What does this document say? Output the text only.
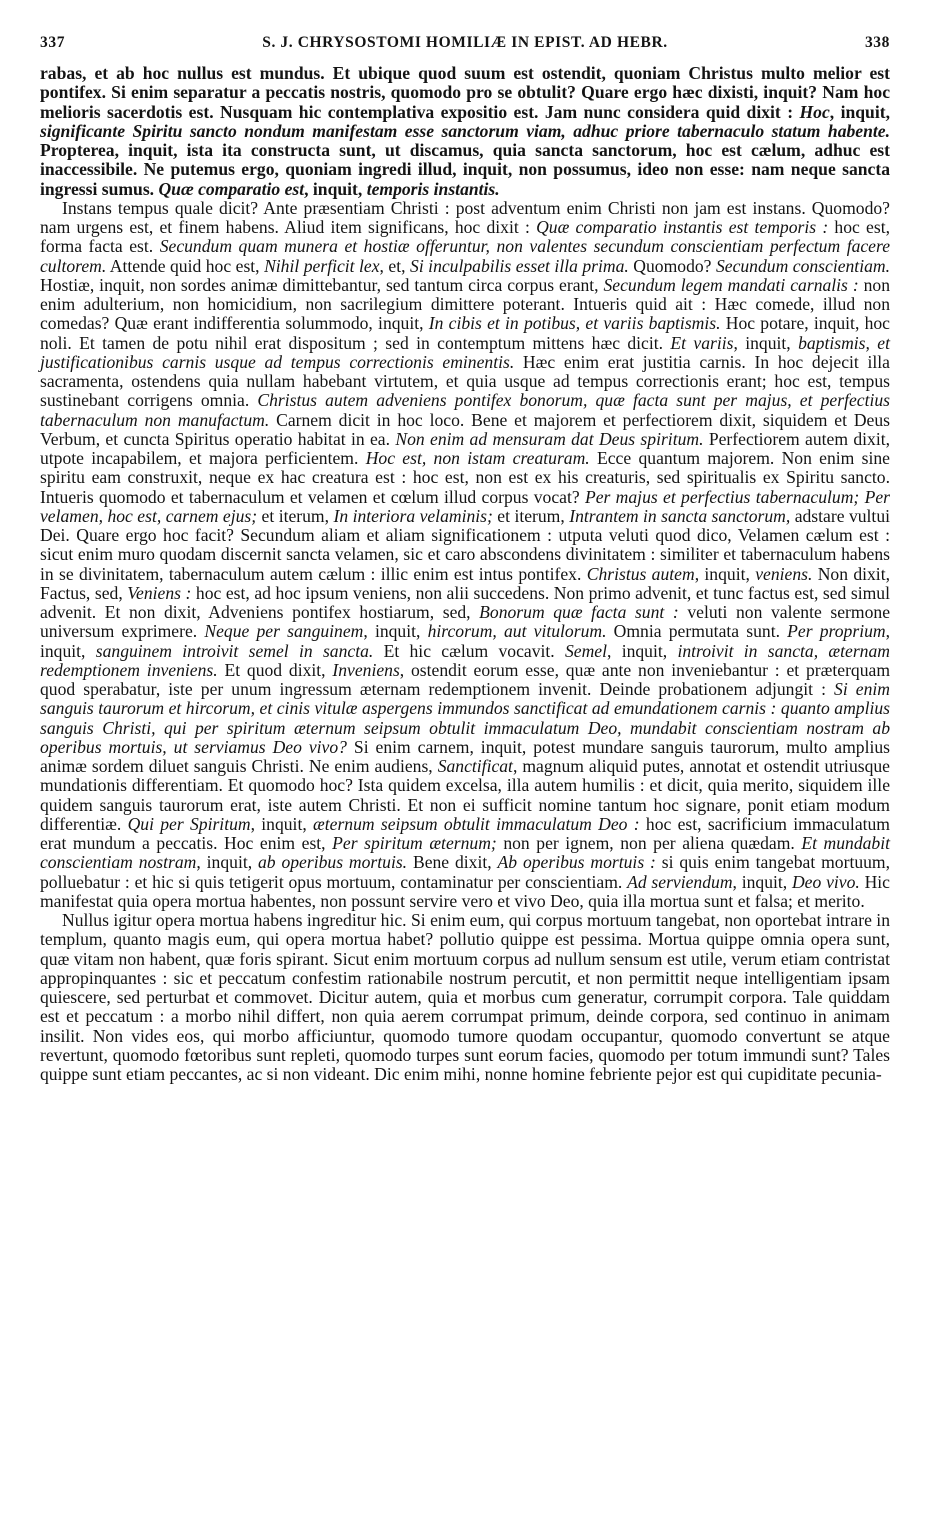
337	S. J. CHRYSOSTOMI HOMILIÆ IN EPIST. AD HEBR.	338

rabas, et ab hoc nullus est mundus. Et ubique quod suum est ostendit, quoniam Christus multo melior est pontifex. Si enim separatur a peccatis nostris, quomodo pro se obtulit? Quare ergo hæc dixisti, inquit? Nam hoc melioris sacerdotis est. Nusquam hic contemplativa expositio est. Jam nunc considera quid dixit : Hoc, inquit, significante Spiritu sancto nondum manifestam esse sanctorum viam, adhuc priore tabernaculo statum habente. Propterea, inquit, ista ita constructa sunt, ut discamus, quia sancta sanctorum, hoc est cælum, adhuc est inaccessibile. Ne putemus ergo, quoniam ingredi illud, inquit, non possumus, ideo non esse: nam neque sancta ingressi sumus. Quæ comparatio est, inquit, temporis instantis.

Instans tempus quale dicit? Ante præsentiam Christi : post adventum enim Christi non jam est instans. Quomodo? nam urgens est, et finem habens. Aliud item significans, hoc dixit : Quæ comparatio instantis est temporis : hoc est, forma facta est. Secundum quam munera et hostiæ offeruntur, non valentes secundum conscientiam perfectum facere cultorem. Attende quid hoc est, Nihil perficit lex, et, Si inculpabilis esset illa prima. Quomodo? Secundum conscientiam. Hostiæ, inquit, non sordes animæ dimittebantur, sed tantum circa corpus erant, Secundum legem mandati carnalis : non enim adulterium, non homicidium, non sacrilegium dimittere poterant. Intueris quid ait : Hæc comede, illud non comedas? Quæ erant indifferentia solummodo, inquit, In cibis et in potibus, et variis baptismis. Hoc potare, inquit, hoc noli. Et tamen de potu nihil erat dispositum ; sed in contemptum mittens hæc dicit. Et variis, inquit, baptismis, et justificationibus carnis usque ad tempus correctionis eminentis. Hæc enim erat justitia carnis. In hoc dejecit illa sacramenta, ostendens quia nullam habebant virtutem, et quia usque ad tempus correctionis erant; hoc est, tempus sustinebant corrigens omnia. Christus autem adveniens pontifex bonorum, quæ facta sunt per majus, et perfectius tabernaculum non manufactum. Carnem dicit in hoc loco. Bene et majorem et perfectiorem dixit, siquidem et Deus Verbum, et cuncta Spiritus operatio habitat in ea. Non enim ad mensuram dat Deus spiritum. Perfectiorem autem dixit, utpote incapabilem, et majora perficientem. Hoc est, non istam creaturam. Ecce quantum majorem. Non enim sine spiritu eam construxit, neque ex hac creatura est : hoc est, non est ex his creaturis, sed spiritualis ex Spiritu sancto. Intueris quomodo et tabernaculum et velamen et cœlum illud corpus vocat? Per majus et perfectius tabernaculum; Per velamen, hoc est, carnem ejus; et iterum, In interiora velaminis; et iterum, Intrantem in sancta sanctorum, adstare vultui Dei. Quare ergo hoc facit? Secundum aliam et aliam significationem : utputa veluti quod dico, Velamen cælum est : sicut enim muro quodam discernit sancta velamen, sic et caro abscondens divinitatem : similiter et tabernaculum habens in se divinitatem, tabernaculum autem cælum : illic enim est intus pontifex. Christus autem, inquit, veniens. Non dixit, Factus, sed, Veniens : hoc est, ad hoc ipsum veniens, non alii succedens. Non primo advenit, et tunc factus est, sed simul advenit. Et non dixit, Adveniens pontifex hostiarum, sed, Bonorum quæ facta sunt : veluti non valente sermone universum exprimere. Neque per sanguinem, inquit, hircorum, aut vitulorum. Omnia permutata sunt. Per proprium, inquit, sanguinem introivit semel in sancta. Et hic cælum vocavit. Semel, inquit, introivit in sancta, æternam redemptionem inveniens. Et quod dixit, Inveniens, ostendit eorum esse, quæ ante non inveniebantur : et præterquam quod sperabatur, iste per unum ingressum æternam redemptionem invenit. Deinde probationem adjungit : Si enim sanguis taurorum et hircorum, et cinis vitulæ aspergens immundos sanctificat ad emundationem carnis : quanto amplius sanguis Christi, qui per spiritum æternum seipsum obtulit immaculatum Deo, mundabit conscientiam nostram ab operibus mortuis, ut serviamus Deo vivo? Si enim carnem, inquit, potest mundare sanguis taurorum, multo amplius animæ sordem diluet sanguis Christi. Ne enim audiens, Sanctificat, magnum aliquid putes, annotat et ostendit utriusque mundationis differentiam. Et quomodo hoc? Ista quidem excelsa, illa autem humilis : et dicit, quia merito, siquidem ille quidem sanguis taurorum erat, iste autem Christi. Et non ei sufficit nomine tantum hoc signare, ponit etiam modum differentiæ. Qui per Spiritum, inquit, æternum seipsum obtulit immaculatum Deo : hoc est, sacrificium immaculatum erat mundum a peccatis. Hoc enim est, Per spiritum æternum; non per ignem, non per aliena quædam. Et mundabit conscientiam nostram, inquit, ab operibus mortuis. Bene dixit, Ab operibus mortuis : si quis enim tangebat mortuum, polluebatur : et hic si quis tetigerit opus mortuum, contaminatur per conscientiam. Ad serviendum, inquit, Deo vivo. Hic manifestat quia opera mortua habentes, non possunt servire vero et vivo Deo, quia illa mortua sunt et falsa; et merito.

Nullus igitur opera mortua habens ingreditur hic. Si enim eum, qui corpus mortuum tangebat, non oportebat intrare in templum, quanto magis eum, qui opera mortua habet? pollutio quippe est pessima. Mortua quippe omnia opera sunt, quæ vitam non habent, quæ foris spirant. Sicut enim mortuum corpus ad nullum sensum est utile, verum etiam contristat appropinquantes : sic et peccatum confestim rationabile nostrum percutit, et non permittit neque intelligentiam ipsam quiescere, sed perturbat et commovet. Dicitur autem, quia et morbus cum generatur, corrumpit corpora. Tale quiddam est et peccatum : a morbo nihil differt, non quia aerem corrumpat primum, deinde corpora, sed continuo in animam insilit. Non vides eos, qui morbo afficiuntur, quomodo tumore quodam occupantur, quomodo convertunt se atque revertunt, quomodo fœtoribus sunt repleti, quomodo turpes sunt eorum facies, quomodo per totum immundi sunt? Tales quippe sunt etiam peccantes, ac si non videant. Dic enim mihi, nonne homine febriente pejor est qui cupiditate pecunia-
